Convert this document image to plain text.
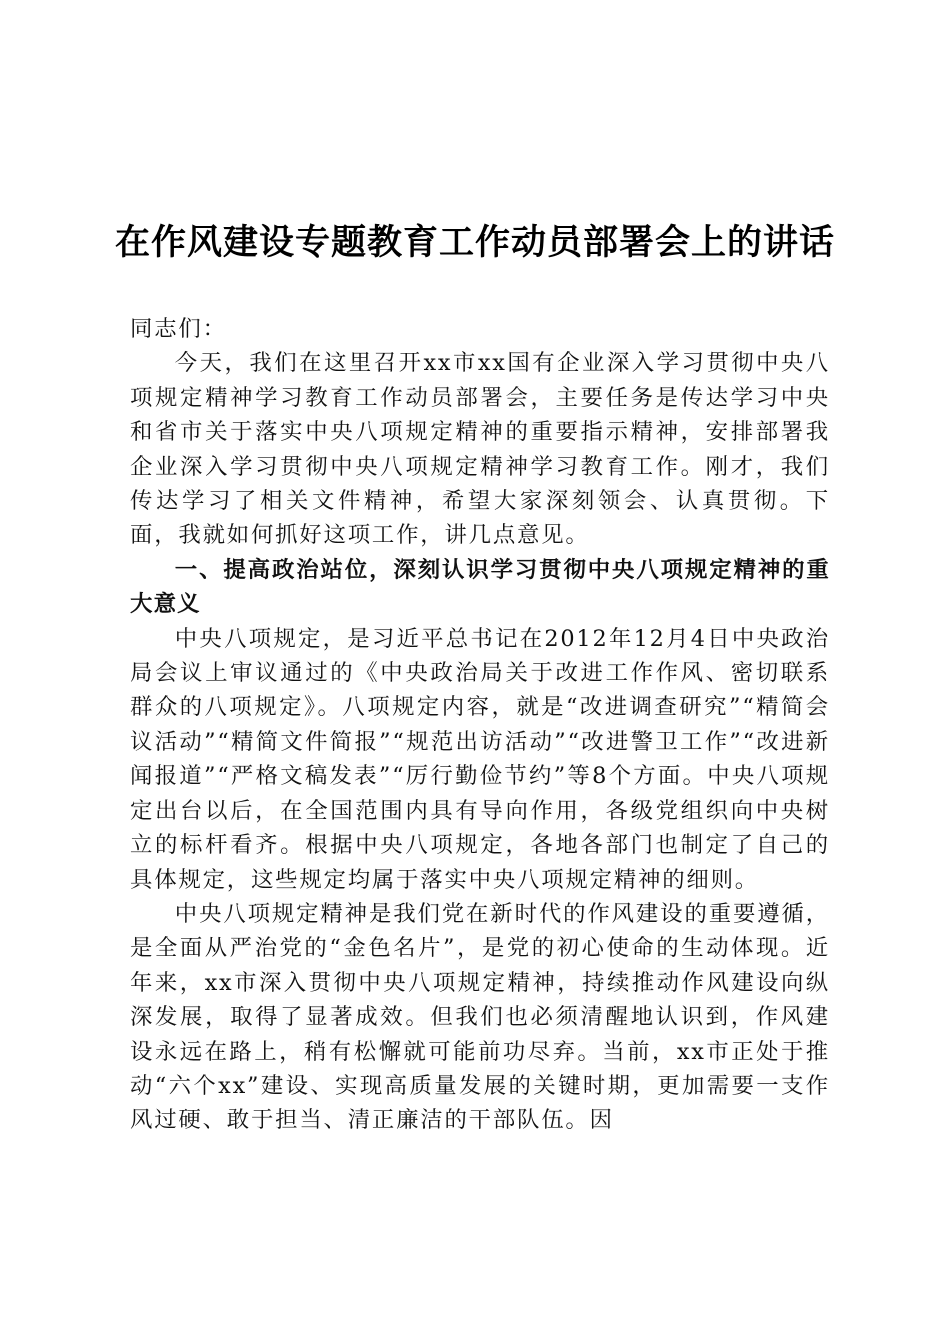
在作风建设专题教育工作动员部署会上的讲话

同志们：

今天，我们在这里召开xx市xx国有企业深入学习贯彻中央八项规定精神学习教育工作动员部署会，主要任务是传达学习中央和省市关于落实中央八项规定精神的重要指示精神，安排部署我企业深入学习贯彻中央八项规定精神学习教育工作。刚才，我们传达学习了相关文件精神，希望大家深刻领会、认真贯彻。下面，我就如何抓好这项工作，讲几点意见。

一、提高政治站位，深刻认识学习贯彻中央八项规定精神的重大意义

中央八项规定，是习近平总书记在2012年12月4日中央政治局会议上审议通过的《中央政治局关于改进工作作风、密切联系群众的八项规定》。八项规定内容，就是“改进调查研究”“精简会议活动”“精简文件简报”“规范出访活动”“改进警卫工作”“改进新闻报道”“严格文稿发表”“厉行勤俭节约”等8个方面。中央八项规定出台以后，在全国范围内具有导向作用，各级党组织向中央树立的标杆看齐。根据中央八项规定，各地各部门也制定了自己的具体规定，这些规定均属于落实中央八项规定精神的细则。

中央八项规定精神是我们党在新时代的作风建设的重要遵循，是全面从严治党的“金色名片”，是党的初心使命的生动体现。近年来，xx市深入贯彻中央八项规定精神，持续推动作风建设向纵深发展，取得了显著成效。但我们也必须清醒地认识到，作风建设永远在路上，稍有松懈就可能前功尽弃。当前，xx市正处于推动“六个xx”建设、实现高质量发展的关键时期，更加需要一支作风过硬、敢于担当、清正廉洁的干部队伍。因
